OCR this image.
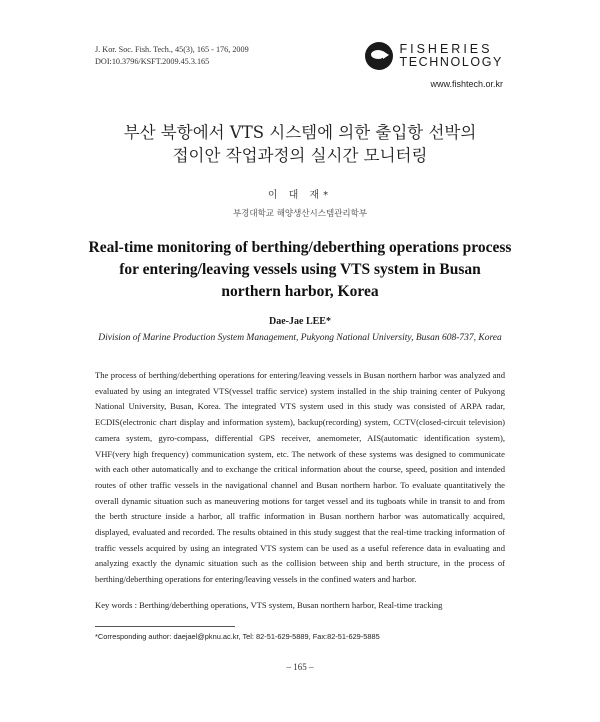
J. Kor. Soc. Fish. Tech., 45(3), 165 - 176, 2009
DOI:10.3796/KSFT.2009.45.3.165
FISHERIES
TECHNOLOGY
www.fishtech.or.kr
부산 북항에서 VTS 시스템에 의한 출입항 선박의
접이안 작업과정의 실시간 모니터링
이 대 재*
부경대학교 해양생산시스템관리학부
Real-time monitoring of berthing/deberthing operations process
for entering/leaving vessels using VTS system in Busan
northern harbor, Korea
Dae-Jae LEE*
Division of Marine Production System Management, Pukyong National University, Busan 608-737, Korea
The process of berthing/deberthing operations for entering/leaving vessels in Busan northern harbor was analyzed and evaluated by using an integrated VTS(vessel traffic service) system installed in the ship training center of Pukyong National University, Busan, Korea. The integrated VTS system used in this study was consisted of ARPA radar, ECDIS(electronic chart display and information system), backup(recording) system, CCTV(closed-circuit television) camera system, gyro-compass, differential GPS receiver, anemometer, AIS(automatic identification system), VHF(very high frequency) communication system, etc. The network of these systems was designed to communicate with each other automatically and to exchange the critical information about the course, speed, position and intended routes of other traffic vessels in the navigational channel and Busan northern harbor. To evaluate quantitatively the overall dynamic situation such as maneuvering motions for target vessel and its tugboats while in transit to and from the berth structure inside a harbor, all traffic information in Busan northern harbor was automatically acquired, displayed, evaluated and recorded. The results obtained in this study suggest that the real-time tracking information of traffic vessels acquired by using an integrated VTS system can be used as a useful reference data in evaluating and analyzing exactly the dynamic situation such as the collision between ship and berth structure, in the process of berthing/deberthing operations for entering/leaving vessels in the confined waters and harbor.
Key words : Berthing/deberthing operations, VTS system, Busan northern harbor, Real-time tracking
*Corresponding author: daejael@pknu.ac.kr, Tel: 82-51-629-5889, Fax:82-51-629-5885
– 165 –
